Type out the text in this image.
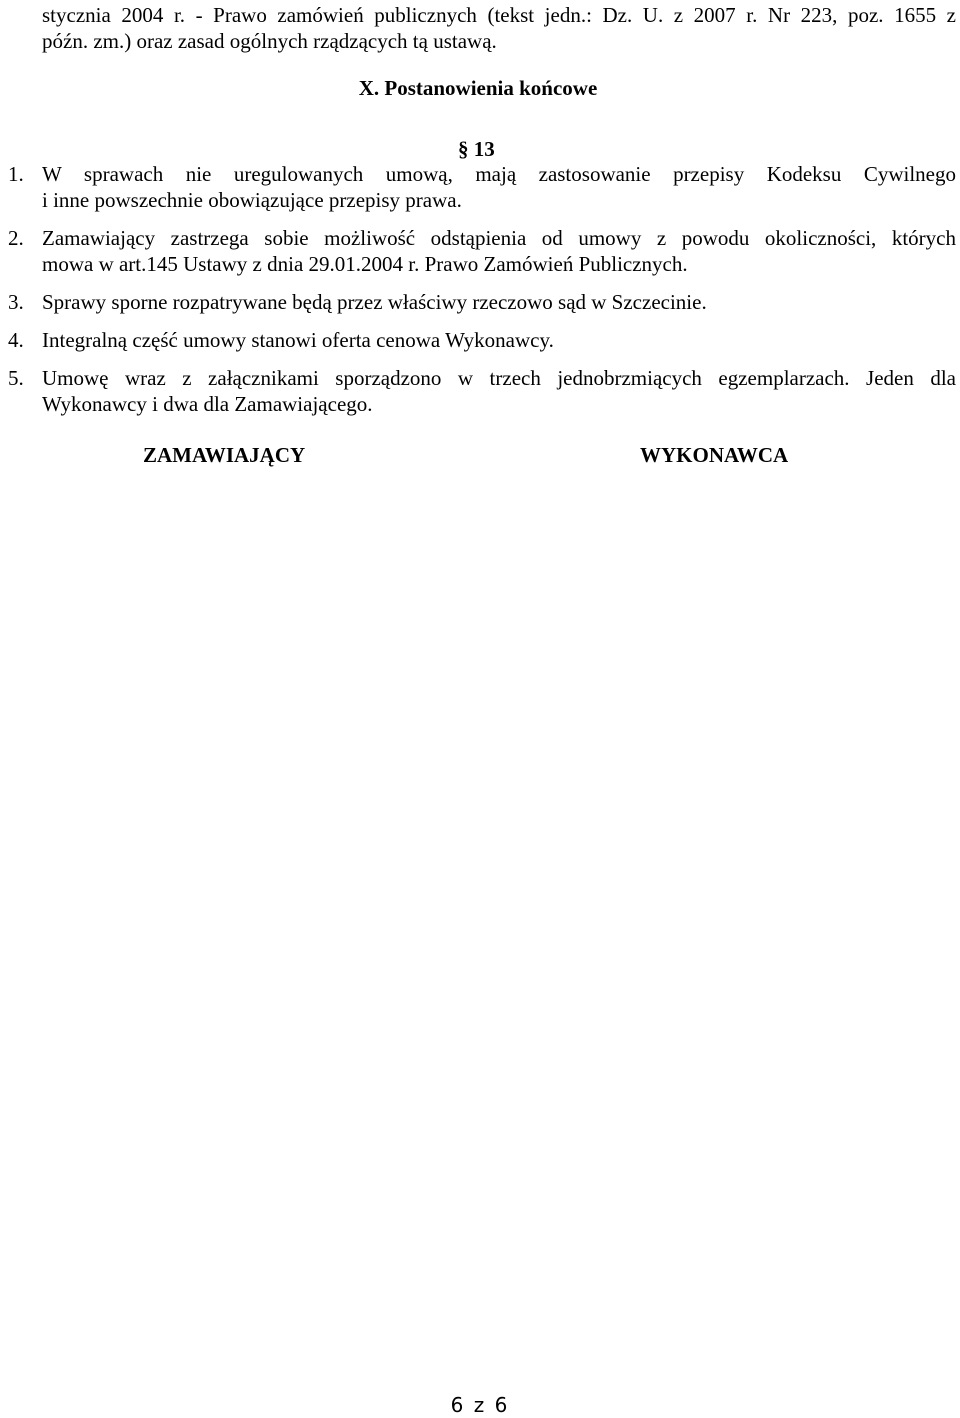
stycznia 2004 r. - Prawo zamówień publicznych (tekst jedn.: Dz. U. z 2007 r. Nr 223, poz. 1655 z
późn. zm.) oraz zasad ogólnych rządzących tą ustawą.
X. Postanowienia końcowe
§ 13
1. W sprawach nie uregulowanych umową, mają zastosowanie przepisy Kodeksu Cywilnego
i inne powszechnie obowiązujące przepisy prawa.
2. Zamawiający zastrzega sobie możliwość odstąpienia od umowy z powodu okoliczności, których
mowa w art.145 Ustawy z dnia 29.01.2004 r. Prawo Zamówień Publicznych.
3. Sprawy sporne rozpatrywane będą przez właściwy rzeczowo sąd w Szczecinie.
4. Integralną część umowy stanowi oferta cenowa Wykonawcy.
5. Umowę wraz z załącznikami sporządzono w trzech jednobrzmiących egzemplarzach. Jeden dla
Wykonawcy i dwa dla Zamawiającego.
ZAMAWIAJĄCY	WYKONAWCA
6 z 6
